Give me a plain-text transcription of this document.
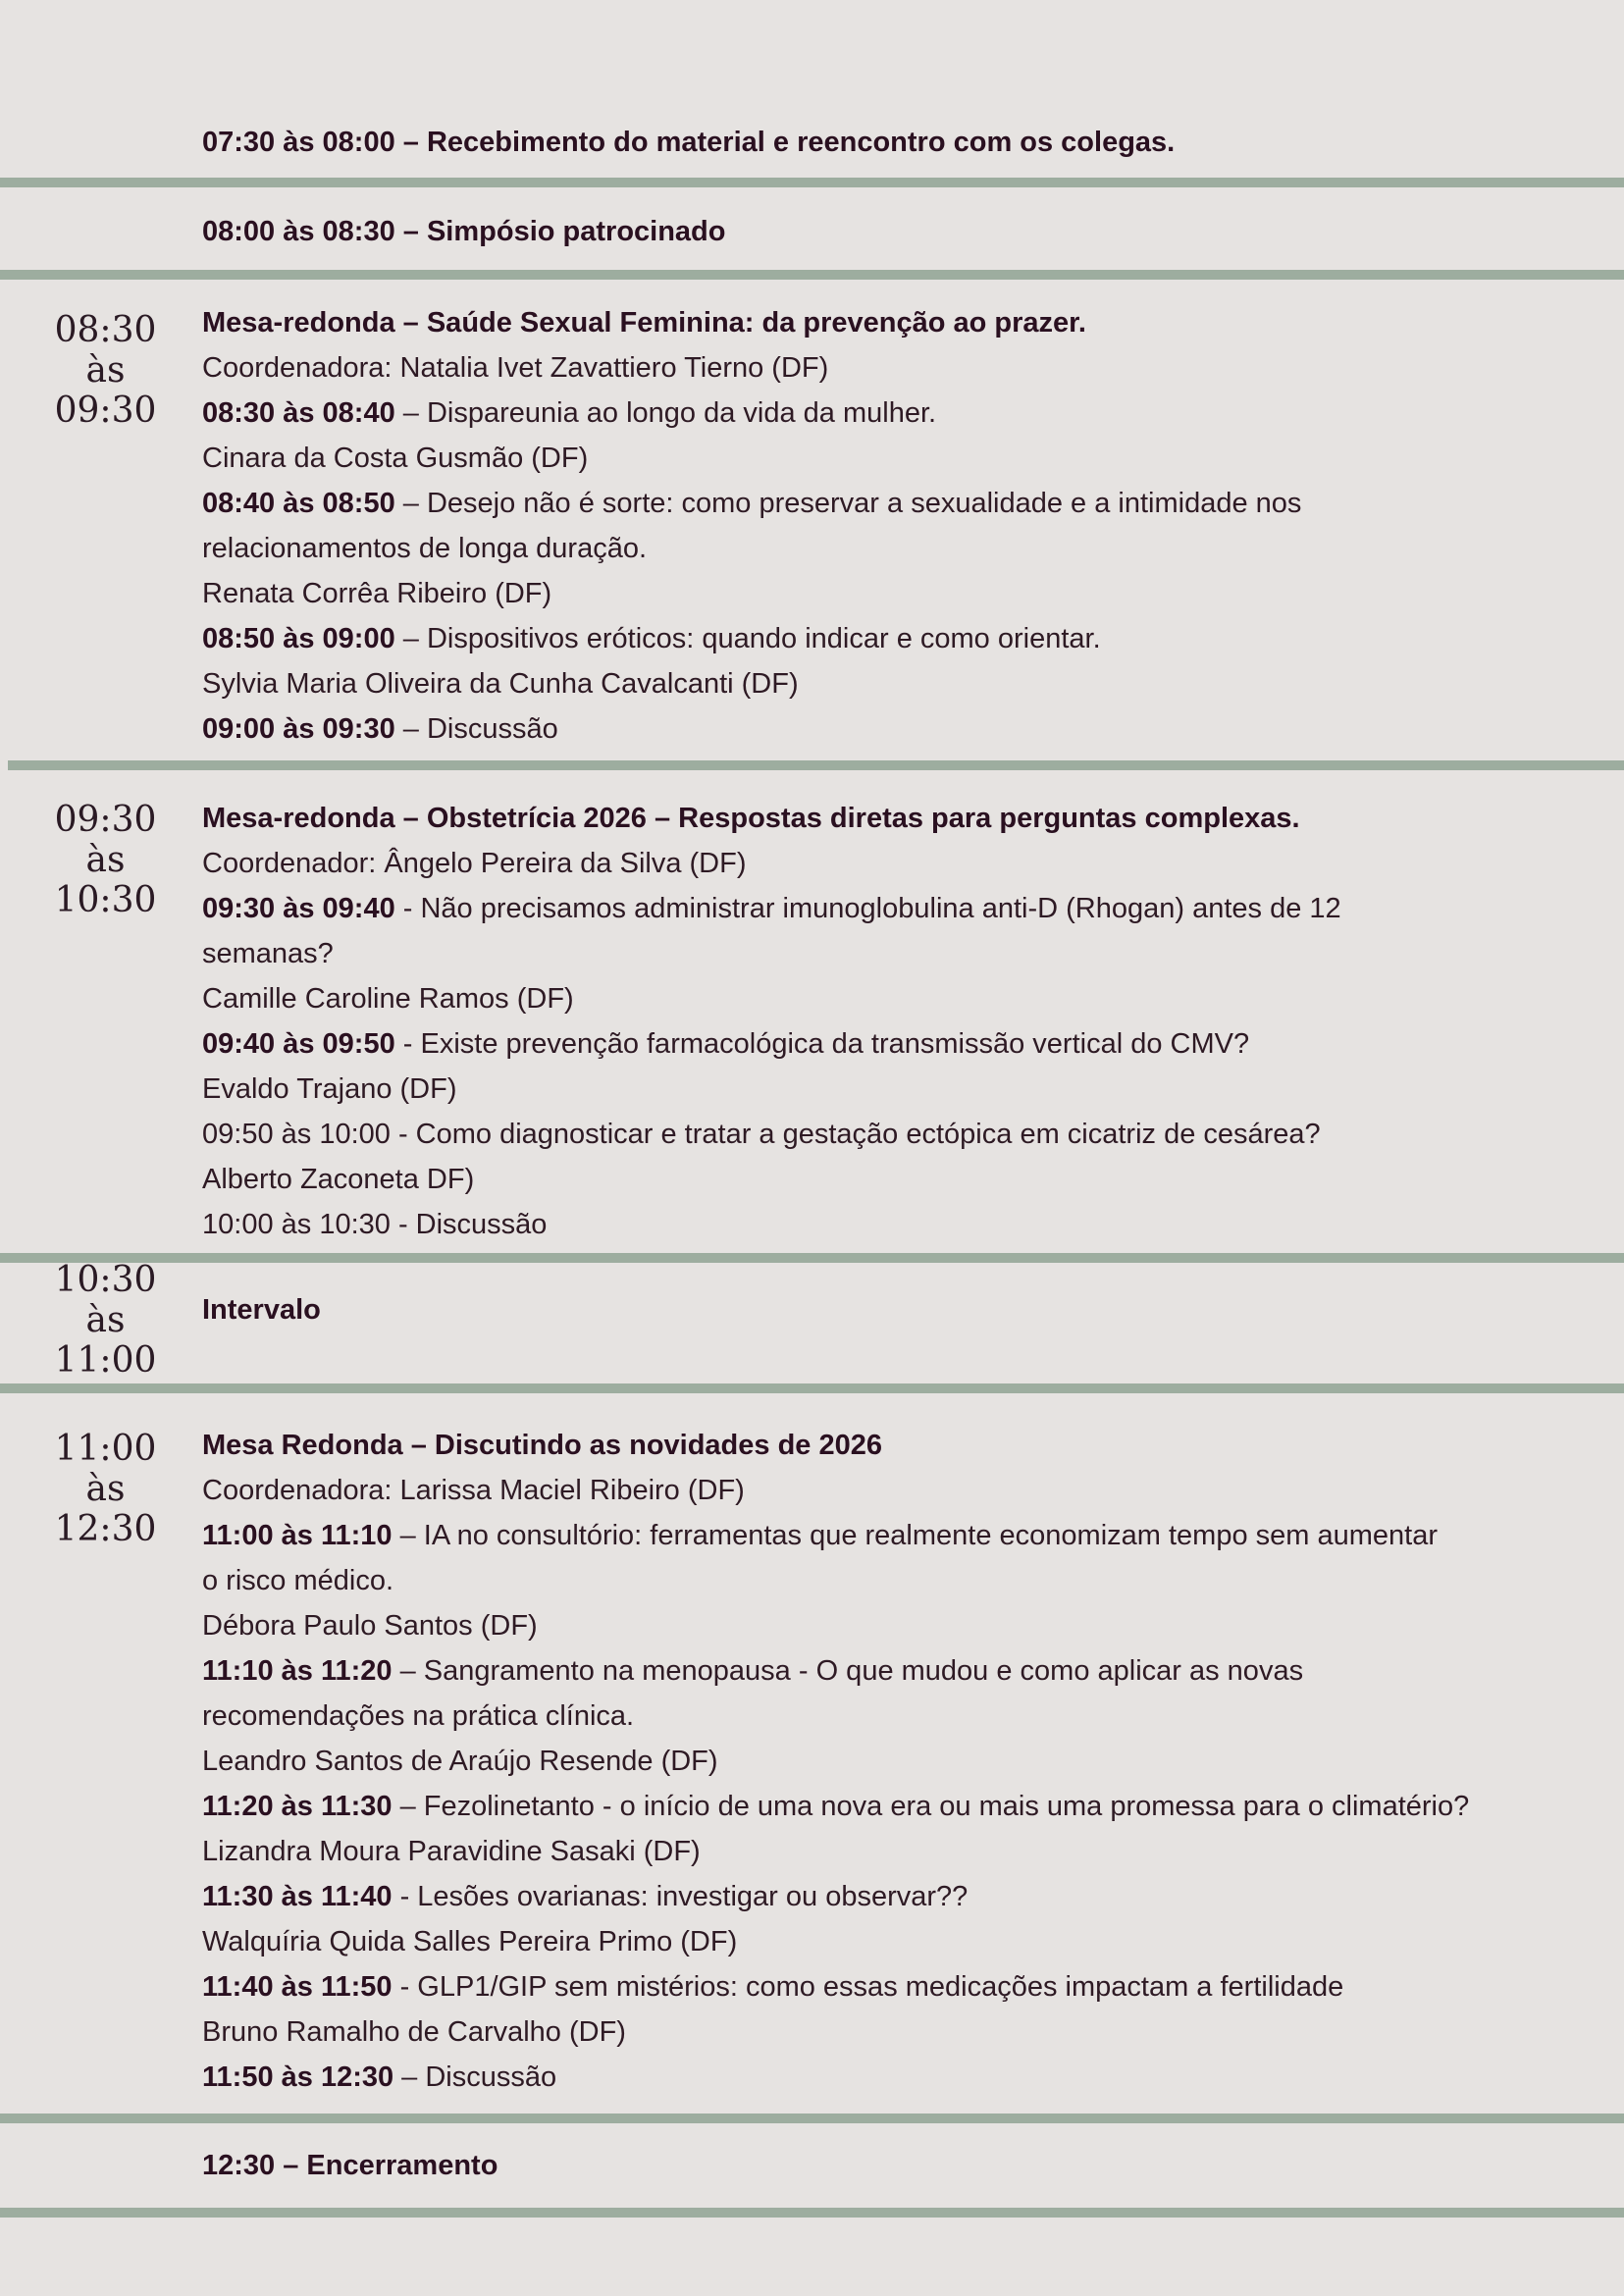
07:30 às 08:00 – Recebimento do material e reencontro com os colegas.
08:00 às 08:30 – Simpósio patrocinado
08:30
às
09:30
Mesa-redonda – Saúde Sexual Feminina: da prevenção ao prazer.
Coordenadora: Natalia Ivet Zavattiero Tierno (DF)
08:30 às 08:40 – Dispareunia ao longo da vida da mulher.
Cinara da Costa Gusmão (DF)
08:40 às 08:50 – Desejo não é sorte: como preservar a sexualidade e a intimidade nos
relacionamentos de longa duração.
Renata Corrêa Ribeiro (DF)
08:50 às 09:00 – Dispositivos eróticos: quando indicar e como orientar.
Sylvia Maria Oliveira da Cunha Cavalcanti (DF)
09:00 às 09:30 – Discussão
09:30
às
10:30
Mesa-redonda – Obstetrícia 2026 – Respostas diretas para perguntas complexas.
Coordenador: Ângelo Pereira da Silva (DF)
09:30 às 09:40 - Não precisamos administrar imunoglobulina anti-D (Rhogan) antes de 12
semanas?
Camille Caroline Ramos (DF)
09:40 às 09:50 - Existe prevenção farmacológica da transmissão vertical do CMV?
Evaldo Trajano (DF)
09:50 às 10:00 - Como diagnosticar e tratar a gestação ectópica em cicatriz de cesárea?
Alberto Zaconeta DF)
10:00 às 10:30 - Discussão
10:30
às
11:00
Intervalo
11:00
às
12:30
Mesa Redonda – Discutindo as novidades de 2026
Coordenadora: Larissa Maciel Ribeiro (DF)
11:00 às 11:10 – IA no consultório: ferramentas que realmente economizam tempo sem aumentar
o risco médico.
Débora Paulo Santos (DF)
11:10 às 11:20 – Sangramento na menopausa - O que mudou e como aplicar as novas
recomendações na prática clínica.
Leandro Santos de Araújo Resende (DF)
11:20 às 11:30 – Fezolinetanto - o início de uma nova era ou mais uma promessa para o climatério?
Lizandra Moura Paravidine Sasaki (DF)
11:30 às 11:40 - Lesões ovarianas: investigar ou observar??
Walquíria Quida Salles Pereira Primo (DF)
11:40 às 11:50 - GLP1/GIP sem mistérios: como essas medicações impactam a fertilidade
Bruno Ramalho de Carvalho (DF)
11:50 às 12:30 – Discussão
12:30 – Encerramento
